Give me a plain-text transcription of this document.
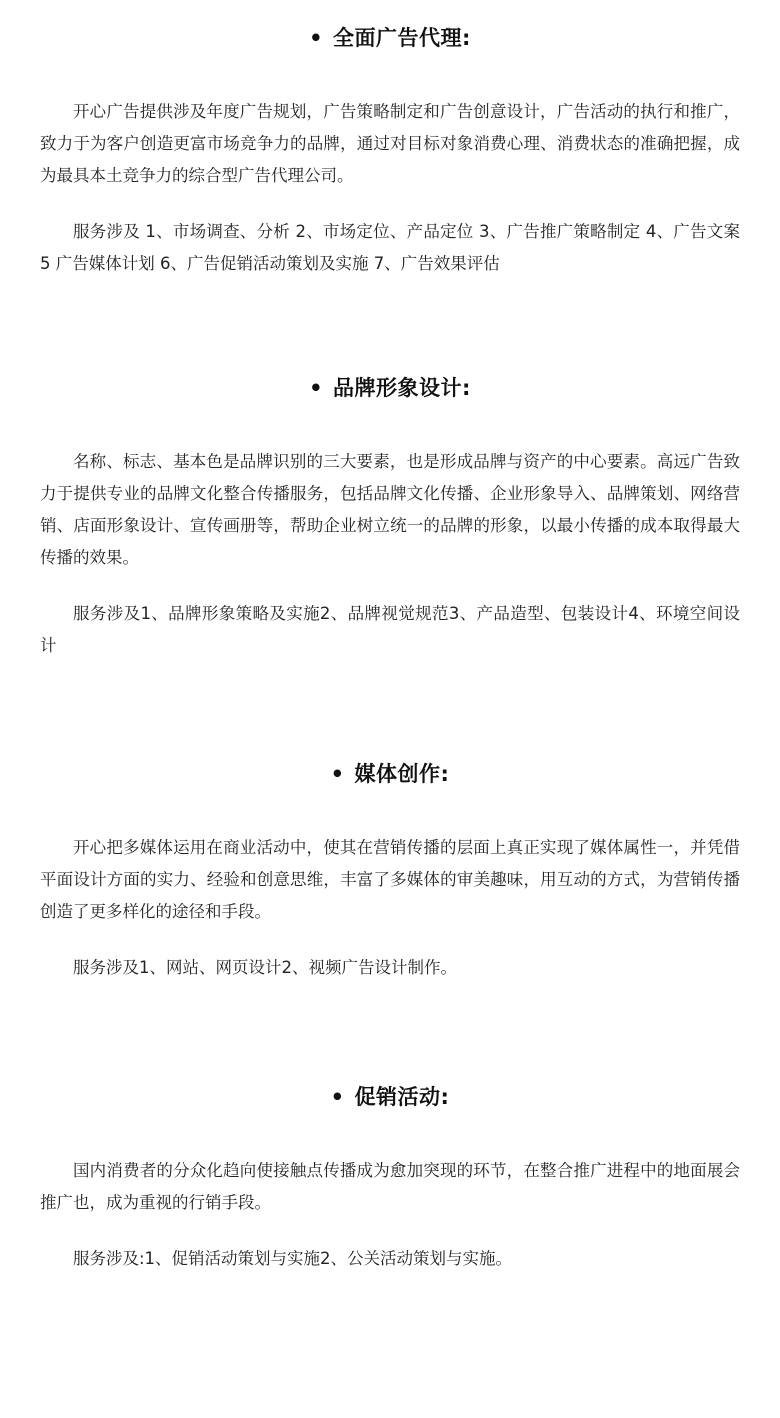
• 全面广告代理:

开心广告提供涉及年度广告规划，广告策略制定和广告创意设计，广告活动的执行和推广，致力于为客户创造更富市场竞争力的品牌，通过对目标对象消费心理、消费状态的准确把握，成为最具本土竞争力的综合型广告代理公司。

服务涉及 1、市场调查、分析 2、市场定位、产品定位 3、广告推广策略制定 4、广告文案 5 广告媒体计划 6、广告促销活动策划及实施 7、广告效果评估

• 品牌形象设计:

名称、标志、基本色是品牌识别的三大要素，也是形成品牌与资产的中心要素。高远广告致力于提供专业的品牌文化整合传播服务，包括品牌文化传播、企业形象导入、品牌策划、网络营销、店面形象设计、宣传画册等，帮助企业树立统一的品牌的形象，以最小传播的成本取得最大传播的效果。

服务涉及1、品牌形象策略及实施2、品牌视觉规范3、产品造型、包装设计4、环境空间设计

• 媒体创作:

开心把多媒体运用在商业活动中，使其在营销传播的层面上真正实现了媒体属性一，并凭借平面设计方面的实力、经验和创意思维，丰富了多媒体的审美趣味，用互动的方式，为营销传播创造了更多样化的途径和手段。

服务涉及1、网站、网页设计2、视频广告设计制作。

• 促销活动:

国内消费者的分众化趋向使接触点传播成为愈加突现的环节，在整合推广进程中的地面展会推广也，成为重视的行销手段。

服务涉及:1、促销活动策划与实施2、公关活动策划与实施。
